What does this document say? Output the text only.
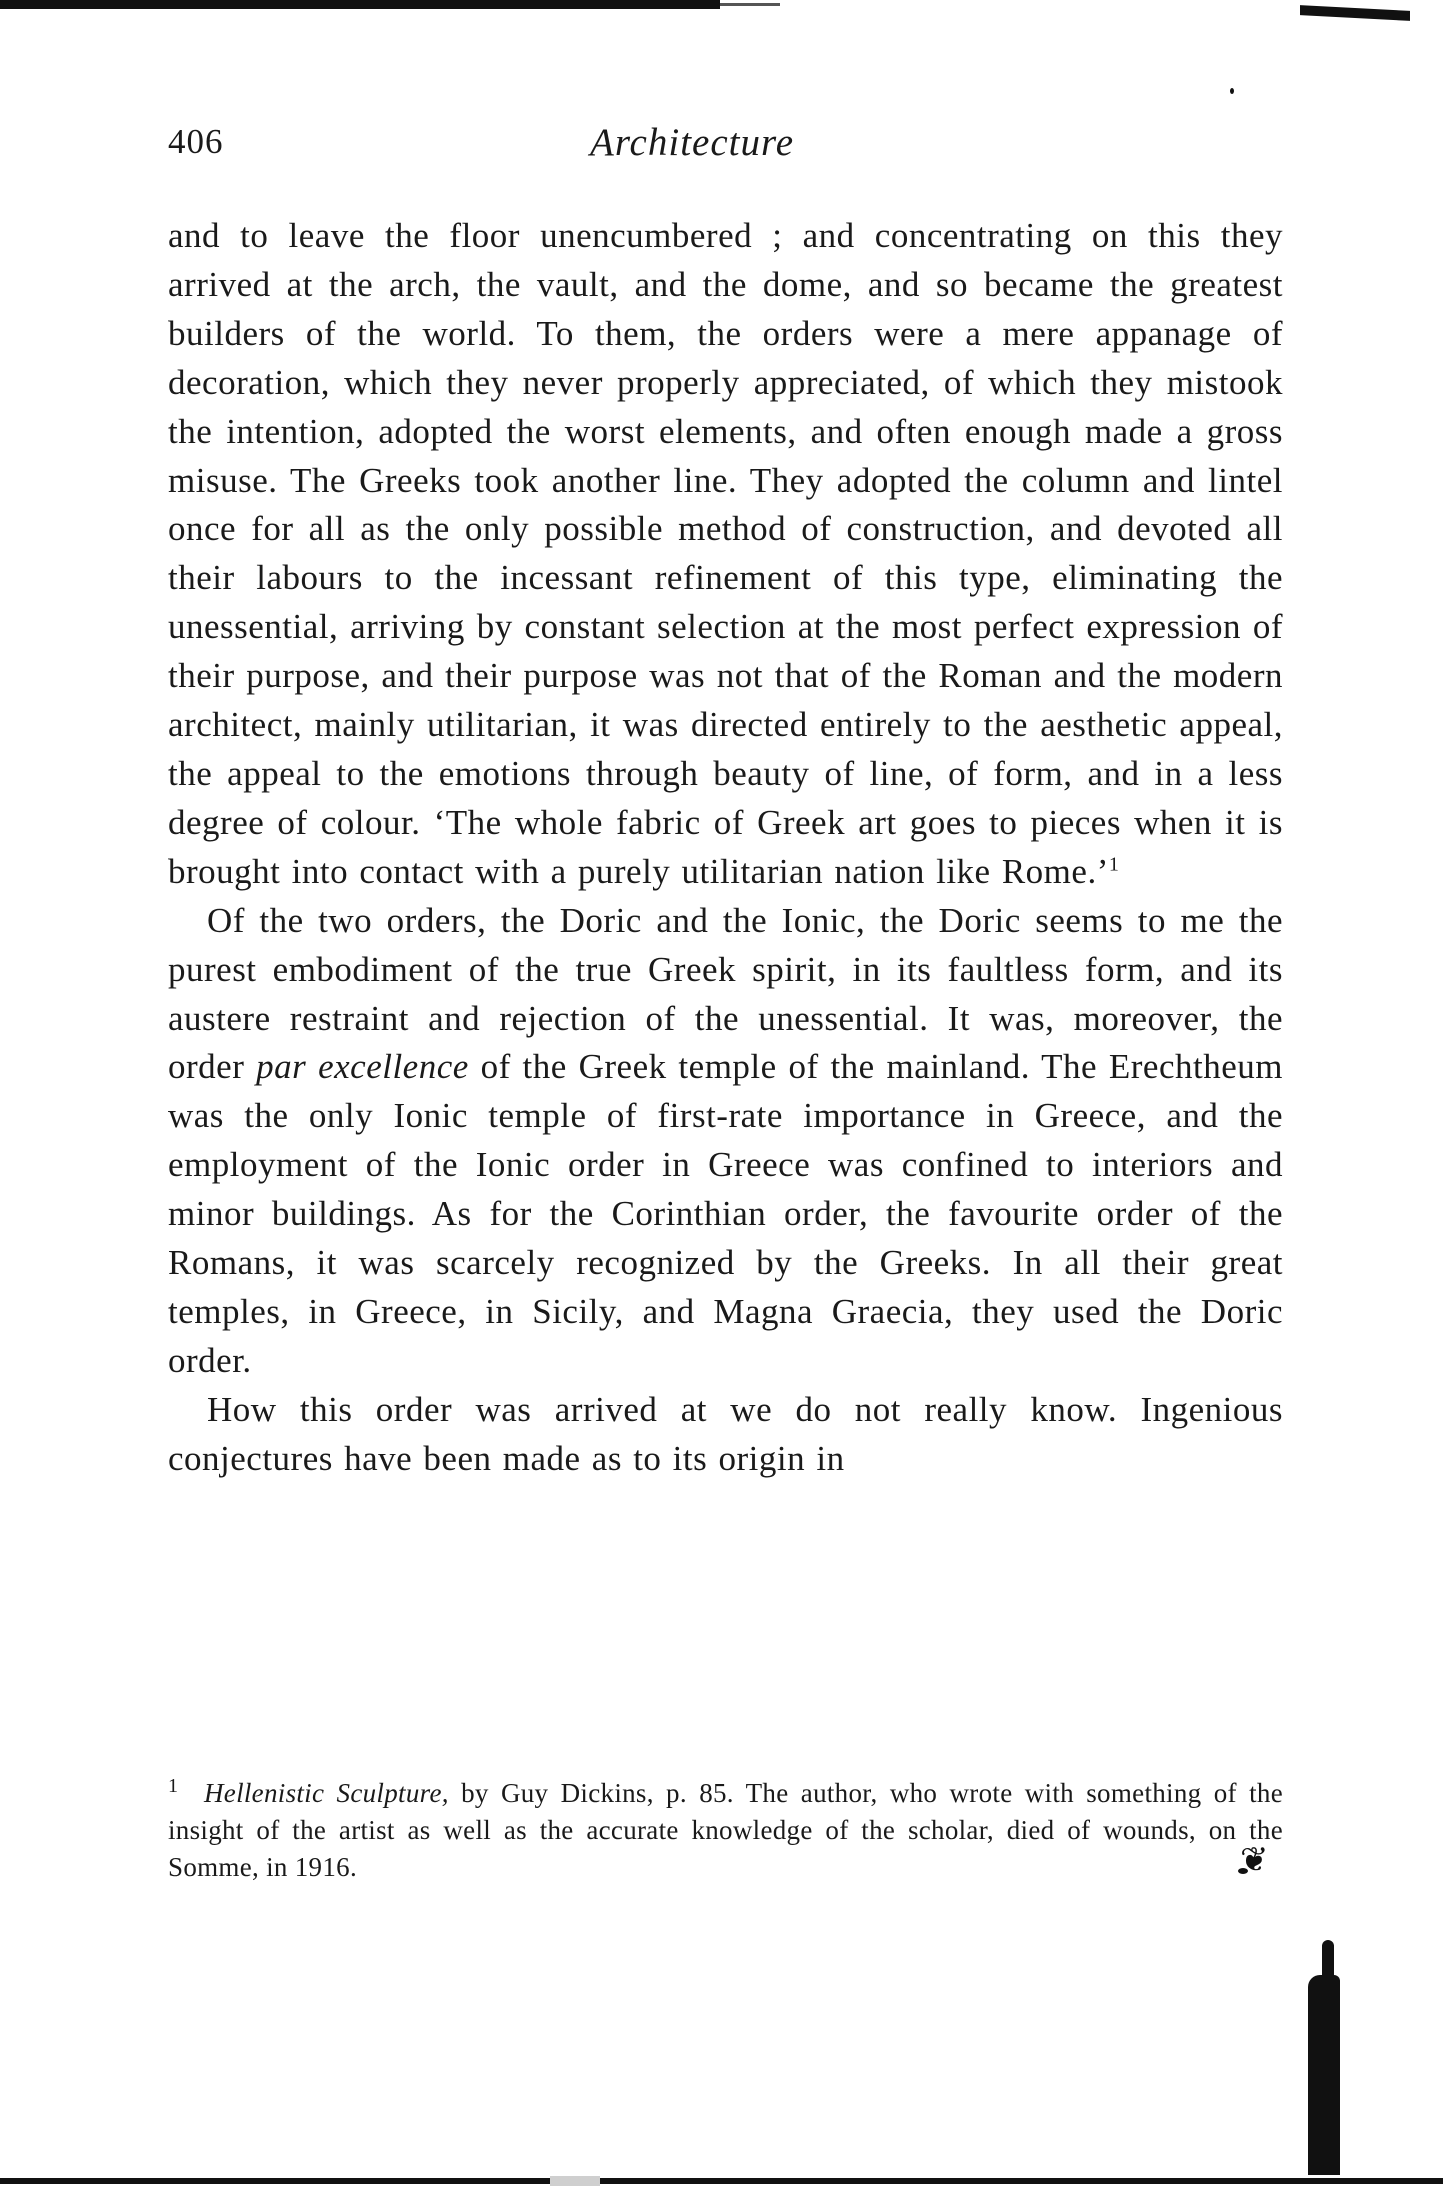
406	Architecture

and to leave the floor unencumbered ; and concentrating on this they arrived at the arch, the vault, and the dome, and so became the greatest builders of the world. To them, the orders were a mere appanage of decoration, which they never properly appreciated, of which they mistook the intention, adopted the worst elements, and often enough made a gross misuse. The Greeks took another line. They adopted the column and lintel once for all as the only possible method of construction, and devoted all their labours to the incessant refinement of this type, eliminating the unessential, arriving by constant selection at the most perfect expression of their purpose, and their purpose was not that of the Roman and the modern architect, mainly utilitarian, it was directed entirely to the aesthetic appeal, the appeal to the emotions through beauty of line, of form, and in a less degree of colour. ‘The whole fabric of Greek art goes to pieces when it is brought into contact with a purely utilitarian nation like Rome.’$^1$

Of the two orders, the Doric and the Ionic, the Doric seems to me the purest embodiment of the true Greek spirit, in its faultless form, and its austere restraint and rejection of the unessential. It was, moreover, the order par excellence of the Greek temple of the mainland. The Erechtheum was the only Ionic temple of first-rate importance in Greece, and the employment of the Ionic order in Greece was confined to interiors and minor buildings. As for the Corinthian order, the favourite order of the Romans, it was scarcely recognized by the Greeks. In all their great temples, in Greece, in Sicily, and Magna Graecia, they used the Doric order.

How this order was arrived at we do not really know. Ingenious conjectures have been made as to its origin in

1 Hellenistic Sculpture, by Guy Dickins, p. 85. The author, who wrote with something of the insight of the artist as well as the accurate knowledge of the scholar, died of wounds, on the Somme, in 1916.	❦
